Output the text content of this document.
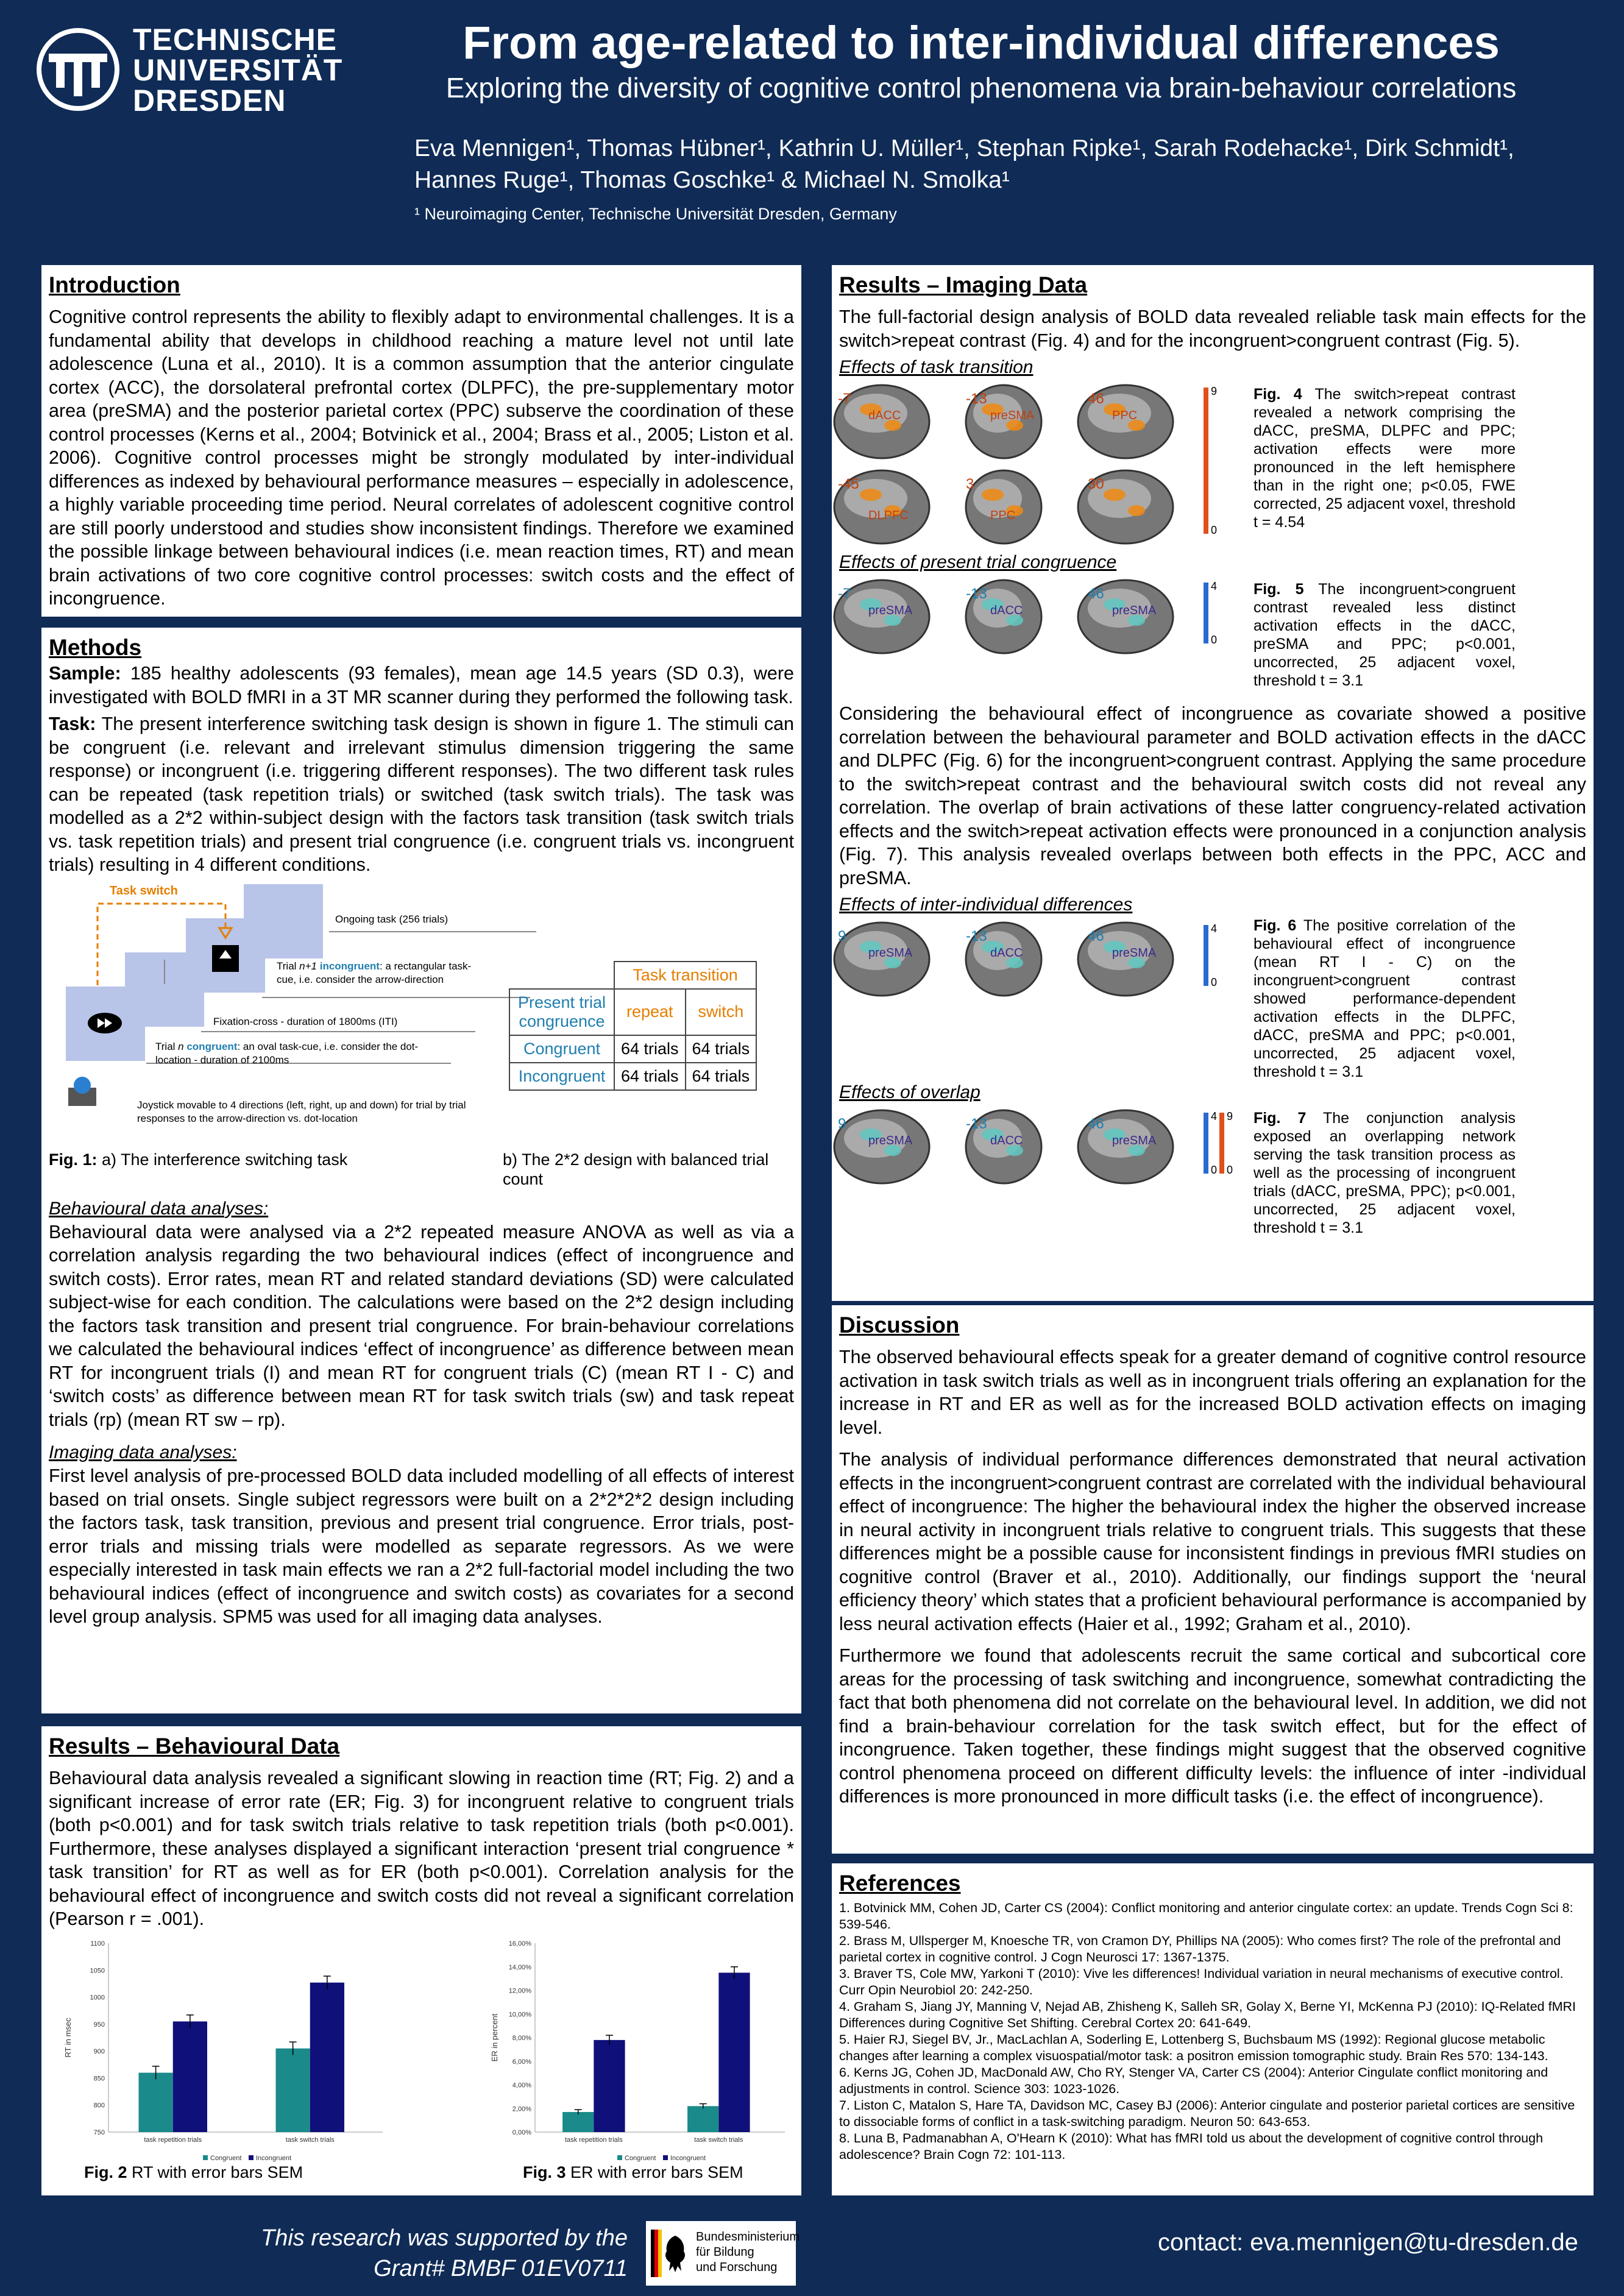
TECHNISCHE
UNIVERSITÄT
DRESDEN
From age-related to inter-individual differences
Exploring the diversity of cognitive control phenomena via brain-behaviour correlations
Eva Mennigen¹, Thomas Hübner¹, Kathrin U. Müller¹, Stephan Ripke¹, Sarah Rodehacke¹, Dirk Schmidt¹,
Hannes Ruge¹, Thomas Goschke¹ & Michael N. Smolka¹
¹ Neuroimaging Center, Technische Universität Dresden, Germany
Introduction

Cognitive control represents the ability to flexibly adapt to environmental challenges. It is a fundamental ability that develops in childhood reaching a mature level not until late adolescence (Luna et al., 2010). It is a common assumption that the anterior cingulate cortex (ACC), the dorsolateral prefrontal cortex (DLPFC), the pre-supplementary motor area (preSMA) and the posterior parietal cortex (PPC) subserve the coordination of these control processes (Kerns et al., 2004; Botvinick et al., 2004; Brass et al., 2005; Liston et al. 2006). Cognitive control processes might be strongly modulated by inter-individual differences as indexed by behavioural performance measures – especially in adolescence, a highly variable proceeding time period. Neural correlates of adolescent cognitive control are still poorly understood and studies show inconsistent findings. Therefore we examined the possible linkage between behavioural indices (i.e. mean reaction times, RT) and mean brain activations of two core cognitive control processes: switch costs and the effect of incongruence.

Methods

Sample: 185 healthy adolescents (93 females), mean age 14.5 years (SD 0.3), were investigated with BOLD fMRI in a 3T MR scanner during they performed the following task.

Task: The present interference switching task design is shown in figure 1. The stimuli can be congruent (i.e. relevant and irrelevant stimulus dimension triggering the same response) or incongruent (i.e. triggering different responses). The two different task rules can be repeated (task repetition trials) or switched (task switch trials). The task was modelled as a 2*2 within-subject design with the factors task transition (task switch trials vs. task repetition trials) and present trial congruence (i.e. congruent trials vs. incongruent trials) resulting in 4 different conditions.

Task switch
Ongoing task (256 trials)
Trial n+1 incongruent: a rectangular task-cue, i.e. consider the arrow-direction
Fixation-cross - duration of 1800ms (ITI)
Trial n congruent: an oval task-cue, i.e. consider the dot-location - duration of 2100ms
Joystick movable to 4 directions (left, right, up and down) for trial by trial responses to the arrow-direction vs. dot-location
	Task transition	
Present trial congruence	repeat	switch
Congruent	64 trials	64 trials
Incongruent	64 trials	64 trials
Fig. 1: a) The interference switching task	b) The 2*2 design with balanced trial count
Behavioural data analyses:

Behavioural data were analysed via a 2*2 repeated measure ANOVA as well as via a correlation analysis regarding the two behavioural indices (effect of incongruence and switch costs). Error rates, mean RT and related standard deviations (SD) were calculated subject-wise for each condition. The calculations were based on the 2*2 design including the factors task transition and present trial congruence. For brain-behaviour correlations we calculated the behavioural indices ‘effect of incongruence’ as difference between mean RT for incongruent trials (I) and mean RT for congruent trials (C) (mean RT I - C) and ‘switch costs’ as difference between mean RT for task switch trials (sw) and task repeat trials (rp) (mean RT sw – rp).

Imaging data analyses:

First level analysis of pre-processed BOLD data included modelling of all effects of interest based on trial onsets. Single subject regressors were built on a 2*2*2*2 design including the factors task, task transition, previous and present trial congruence. Error trials, post-error trials and missing trials were modelled as separate regressors. As we were especially interested in task main effects we ran a 2*2 full-factorial model including the two behavioural indices (effect of incongruence and switch costs) as covariates for a second level group analysis. SPM5 was used for all imaging data analyses.

Results – Behavioural Data

Behavioural data analysis revealed a significant slowing in reaction time (RT; Fig. 2) and a significant increase of error rate (ER; Fig. 3) for incongruent relative to congruent trials (both p<0.001) and for task switch trials relative to task repetition trials (both p<0.001). Furthermore, these analyses displayed a significant interaction ‘present trial congruence * task transition’ for RT as well as for ER (both p<0.001). Correlation analysis for the behavioural effect of incongruence and switch costs did not reveal a significant correlation (Pearson r = .001).

750
800
850
900
950
1000
1050
1100
RT in msec
task repetition trials	task switch trials
Congruent Incongruent
0,00%
2,00%
4,00%
6,00%
8,00%
10,00%
12,00%
14,00%
16,00%
ER in percent
task repetition trials	task switch trials
Congruent Incongruent
Fig. 2 RT with error bars SEM	Fig. 3 ER with error bars SEM
Results – Imaging Data

The full-factorial design analysis of BOLD data revealed reliable task main effects for the switch>repeat contrast (Fig. 4) and for the incongruent>congruent contrast (Fig. 5).

Effects of task transition
-7
dACC
-13
preSMA
46
PPC
-45
DLPFC
3
PPC
30
9
0
Fig. 4 The switch>repeat contrast revealed a network comprising the dACC, preSMA, DLPFC and PPC; activation effects were more pronounced in the left hemisphere than in the right one; p<0.05, FWE corrected, 25 adjacent voxel, threshold t = 4.54
Effects of present trial congruence
-7
preSMA
-13
dACC
46
preSMA
4
0
Fig. 5 The incongruent>congruent contrast revealed less distinct activation effects in the dACC, preSMA and PPC; p<0.001, uncorrected, 25 adjacent voxel, threshold t = 3.1

Considering the behavioural effect of incongruence as covariate showed a positive correlation between the behavioural parameter and BOLD activation effects in the dACC and DLPFC (Fig. 6) for the incongruent>congruent contrast. Applying the same procedure to the switch>repeat contrast and the behavioural switch costs did not reveal any correlation. The overlap of brain activations of these latter congruency-related activation effects and the switch>repeat activation effects were pronounced in a conjunction analysis (Fig. 7). This analysis revealed overlaps between both effects in the PPC, ACC and preSMA.

Effects of inter-individual differences
9
preSMA
-13
dACC
46
preSMA
4
0
Fig. 6 The positive correlation of the behavioural effect of incongruence (mean RT I - C) on the incongruent>congruent contrast showed performance-dependent activation effects in the DLPFC, dACC, preSMA and PPC; p<0.001, uncorrected, 25 adjacent voxel, threshold t = 3.1
Effects of overlap
9
preSMA
-13
dACC
46
preSMA
4
0
9
0
Fig. 7 The conjunction analysis exposed an overlapping network serving the task transition process as well as the processing of incongruent trials (dACC, preSMA, PPC); p<0.001, uncorrected, 25 adjacent voxel, threshold t = 3.1
Discussion

The observed behavioural effects speak for a greater demand of cognitive control resource activation in task switch trials as well as in incongruent trials offering an explanation for the increase in RT and ER as well as for the increased BOLD activation effects on imaging level.

The analysis of individual performance differences demonstrated that neural activation effects in the incongruent>congruent contrast are correlated with the individual behavioural effect of incongruence: The higher the behavioural index the higher the observed increase in neural activity in incongruent trials relative to congruent trials. This suggests that these differences might be a possible cause for inconsistent findings in previous fMRI studies on cognitive control (Braver et al., 2010). Additionally, our findings support the ‘neural efficiency theory’ which states that a proficient behavioural performance is accompanied by less neural activation effects (Haier et al., 1992; Graham et al., 2010).

Furthermore we found that adolescents recruit the same cortical and subcortical core areas for the processing of task switching and incongruence, somewhat contradicting the fact that both phenomena did not correlate on the behavioural level. In addition, we did not find a brain-behaviour correlation for the task switch effect, but for the effect of incongruence. Taken together, these findings might suggest that the observed cognitive control phenomena proceed on different difficulty levels: the influence of inter -individual differences is more pronounced in more difficult tasks (i.e. the effect of incongruence).

References

1. Botvinick MM, Cohen JD, Carter CS (2004): Conflict monitoring and anterior cingulate cortex: an update. Trends Cogn Sci 8: 539-546.

2. Brass M, Ullsperger M, Knoesche TR, von Cramon DY, Phillips NA (2005): Who comes first? The role of the prefrontal and parietal cortex in cognitive control. J Cogn Neurosci 17: 1367-1375.

3. Braver TS, Cole MW, Yarkoni T (2010): Vive les differences! Individual variation in neural mechanisms of executive control. Curr Opin Neurobiol 20: 242-250.

4. Graham S, Jiang JY, Manning V, Nejad AB, Zhisheng K, Salleh SR, Golay X, Berne YI, McKenna PJ (2010): IQ-Related fMRI Differences during Cognitive Set Shifting. Cerebral Cortex 20: 641-649.

5. Haier RJ, Siegel BV, Jr., MacLachlan A, Soderling E, Lottenberg S, Buchsbaum MS (1992): Regional glucose metabolic changes after learning a complex visuospatial/motor task: a positron emission tomographic study. Brain Res 570: 134-143.

6. Kerns JG, Cohen JD, MacDonald AW, Cho RY, Stenger VA, Carter CS (2004): Anterior Cingulate conflict monitoring and adjustments in control. Science 303: 1023-1026.

7. Liston C, Matalon S, Hare TA, Davidson MC, Casey BJ (2006): Anterior cingulate and posterior parietal cortices are sensitive to dissociable forms of conflict in a task-switching paradigm. Neuron 50: 643-653.

8. Luna B, Padmanabhan A, O'Hearn K (2010): What has fMRI told us about the development of cognitive control through adolescence? Brain Cogn 72: 101-113.

This research was supported by the
Grant# BMBF 01EV0711
Bundesministerium
für Bildung
und Forschung
contact: eva.mennigen@tu-dresden.de
